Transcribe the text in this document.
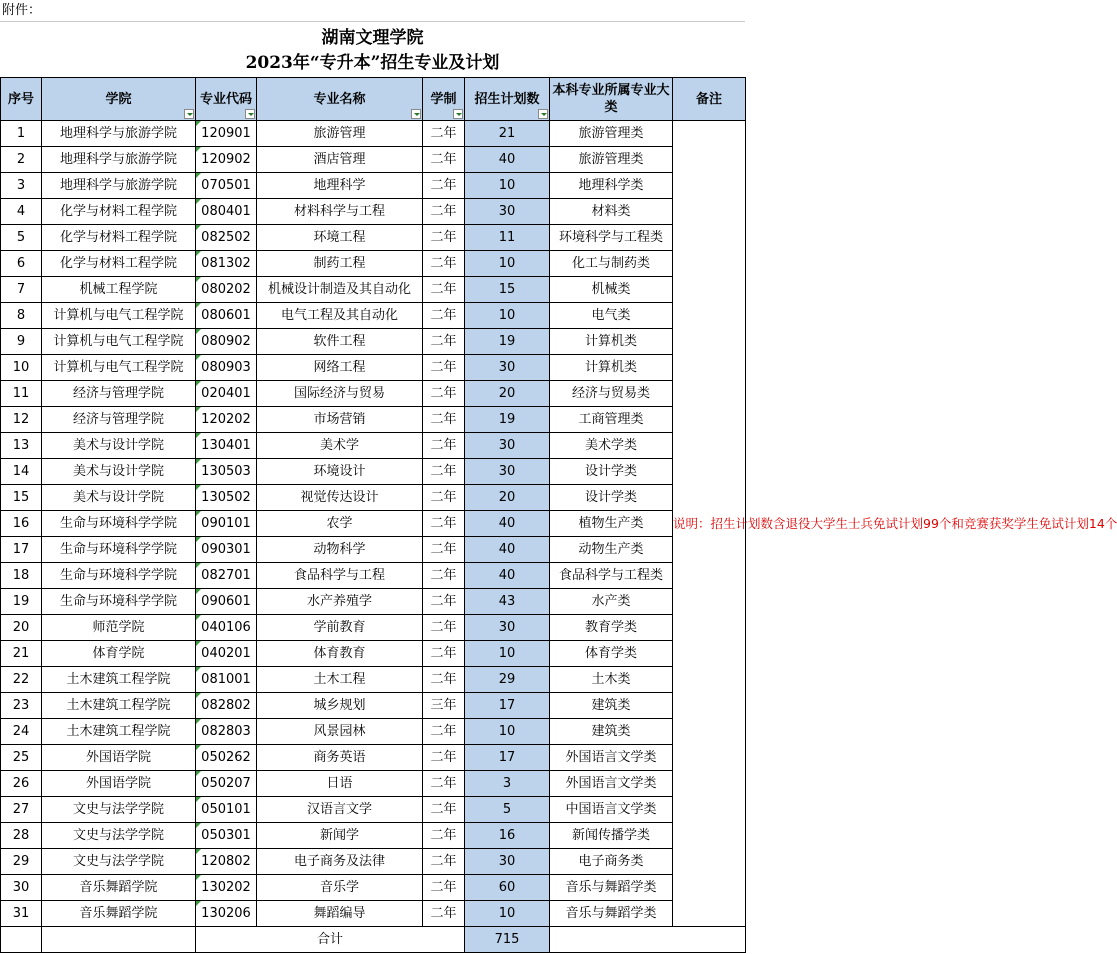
附件：
湖南文理学院
2023年“专升本”招生专业及计划
序号	学院	专业代码	专业名称	学制	招生计划数	本科专业所属专业大类	备注
1	地理科学与旅游学院	120901	旅游管理	二年	21	旅游管理类	说明：招生计划数含退役大学生士兵免试计划99个和竞赛获奖学生免试计划14个

2	地理科学与旅游学院	120902	酒店管理	二年	40	旅游管理类	
3	地理科学与旅游学院	070501	地理科学	二年	10	地理科学类	
4	化学与材料工程学院	080401	材料科学与工程	二年	30	材料类	
5	化学与材料工程学院	082502	环境工程	二年	11	环境科学与工程类	
6	化学与材料工程学院	081302	制药工程	二年	10	化工与制药类	
7	机械工程学院	080202	机械设计制造及其自动化	二年	15	机械类	
8	计算机与电气工程学院	080601	电气工程及其自动化	二年	10	电气类	
9	计算机与电气工程学院	080902	软件工程	二年	19	计算机类	
10	计算机与电气工程学院	080903	网络工程	二年	30	计算机类	
11	经济与管理学院	020401	国际经济与贸易	二年	20	经济与贸易类	
12	经济与管理学院	120202	市场营销	二年	19	工商管理类	
13	美术与设计学院	130401	美术学	二年	30	美术学类	
14	美术与设计学院	130503	环境设计	二年	30	设计学类	
15	美术与设计学院	130502	视觉传达设计	二年	20	设计学类	
16	生命与环境科学学院	090101	农学	二年	40	植物生产类	
17	生命与环境科学学院	090301	动物科学	二年	40	动物生产类	
18	生命与环境科学学院	082701	食品科学与工程	二年	40	食品科学与工程类	
19	生命与环境科学学院	090601	水产养殖学	二年	43	水产类	
20	师范学院	040106	学前教育	二年	30	教育学类	
21	体育学院	040201	体育教育	二年	10	体育学类	
22	土木建筑工程学院	081001	土木工程	二年	29	土木类	
23	土木建筑工程学院	082802	城乡规划	三年	17	建筑类	
24	土木建筑工程学院	082803	风景园林	二年	10	建筑类	
25	外国语学院	050262	商务英语	二年	17	外国语言文学类	
26	外国语学院	050207	日语	二年	3	外国语言文学类	
27	文史与法学学院	050101	汉语言文学	二年	5	中国语言文学类	
28	文史与法学学院	050301	新闻学	二年	16	新闻传播学类	
29	文史与法学学院	120802	电子商务及法律	二年	30	电子商务类	
30	音乐舞蹈学院	130202	音乐学	二年	60	音乐与舞蹈学类	
31	音乐舞蹈学院	130206	舞蹈编导	二年	10	音乐与舞蹈学类	
		合计			715		
